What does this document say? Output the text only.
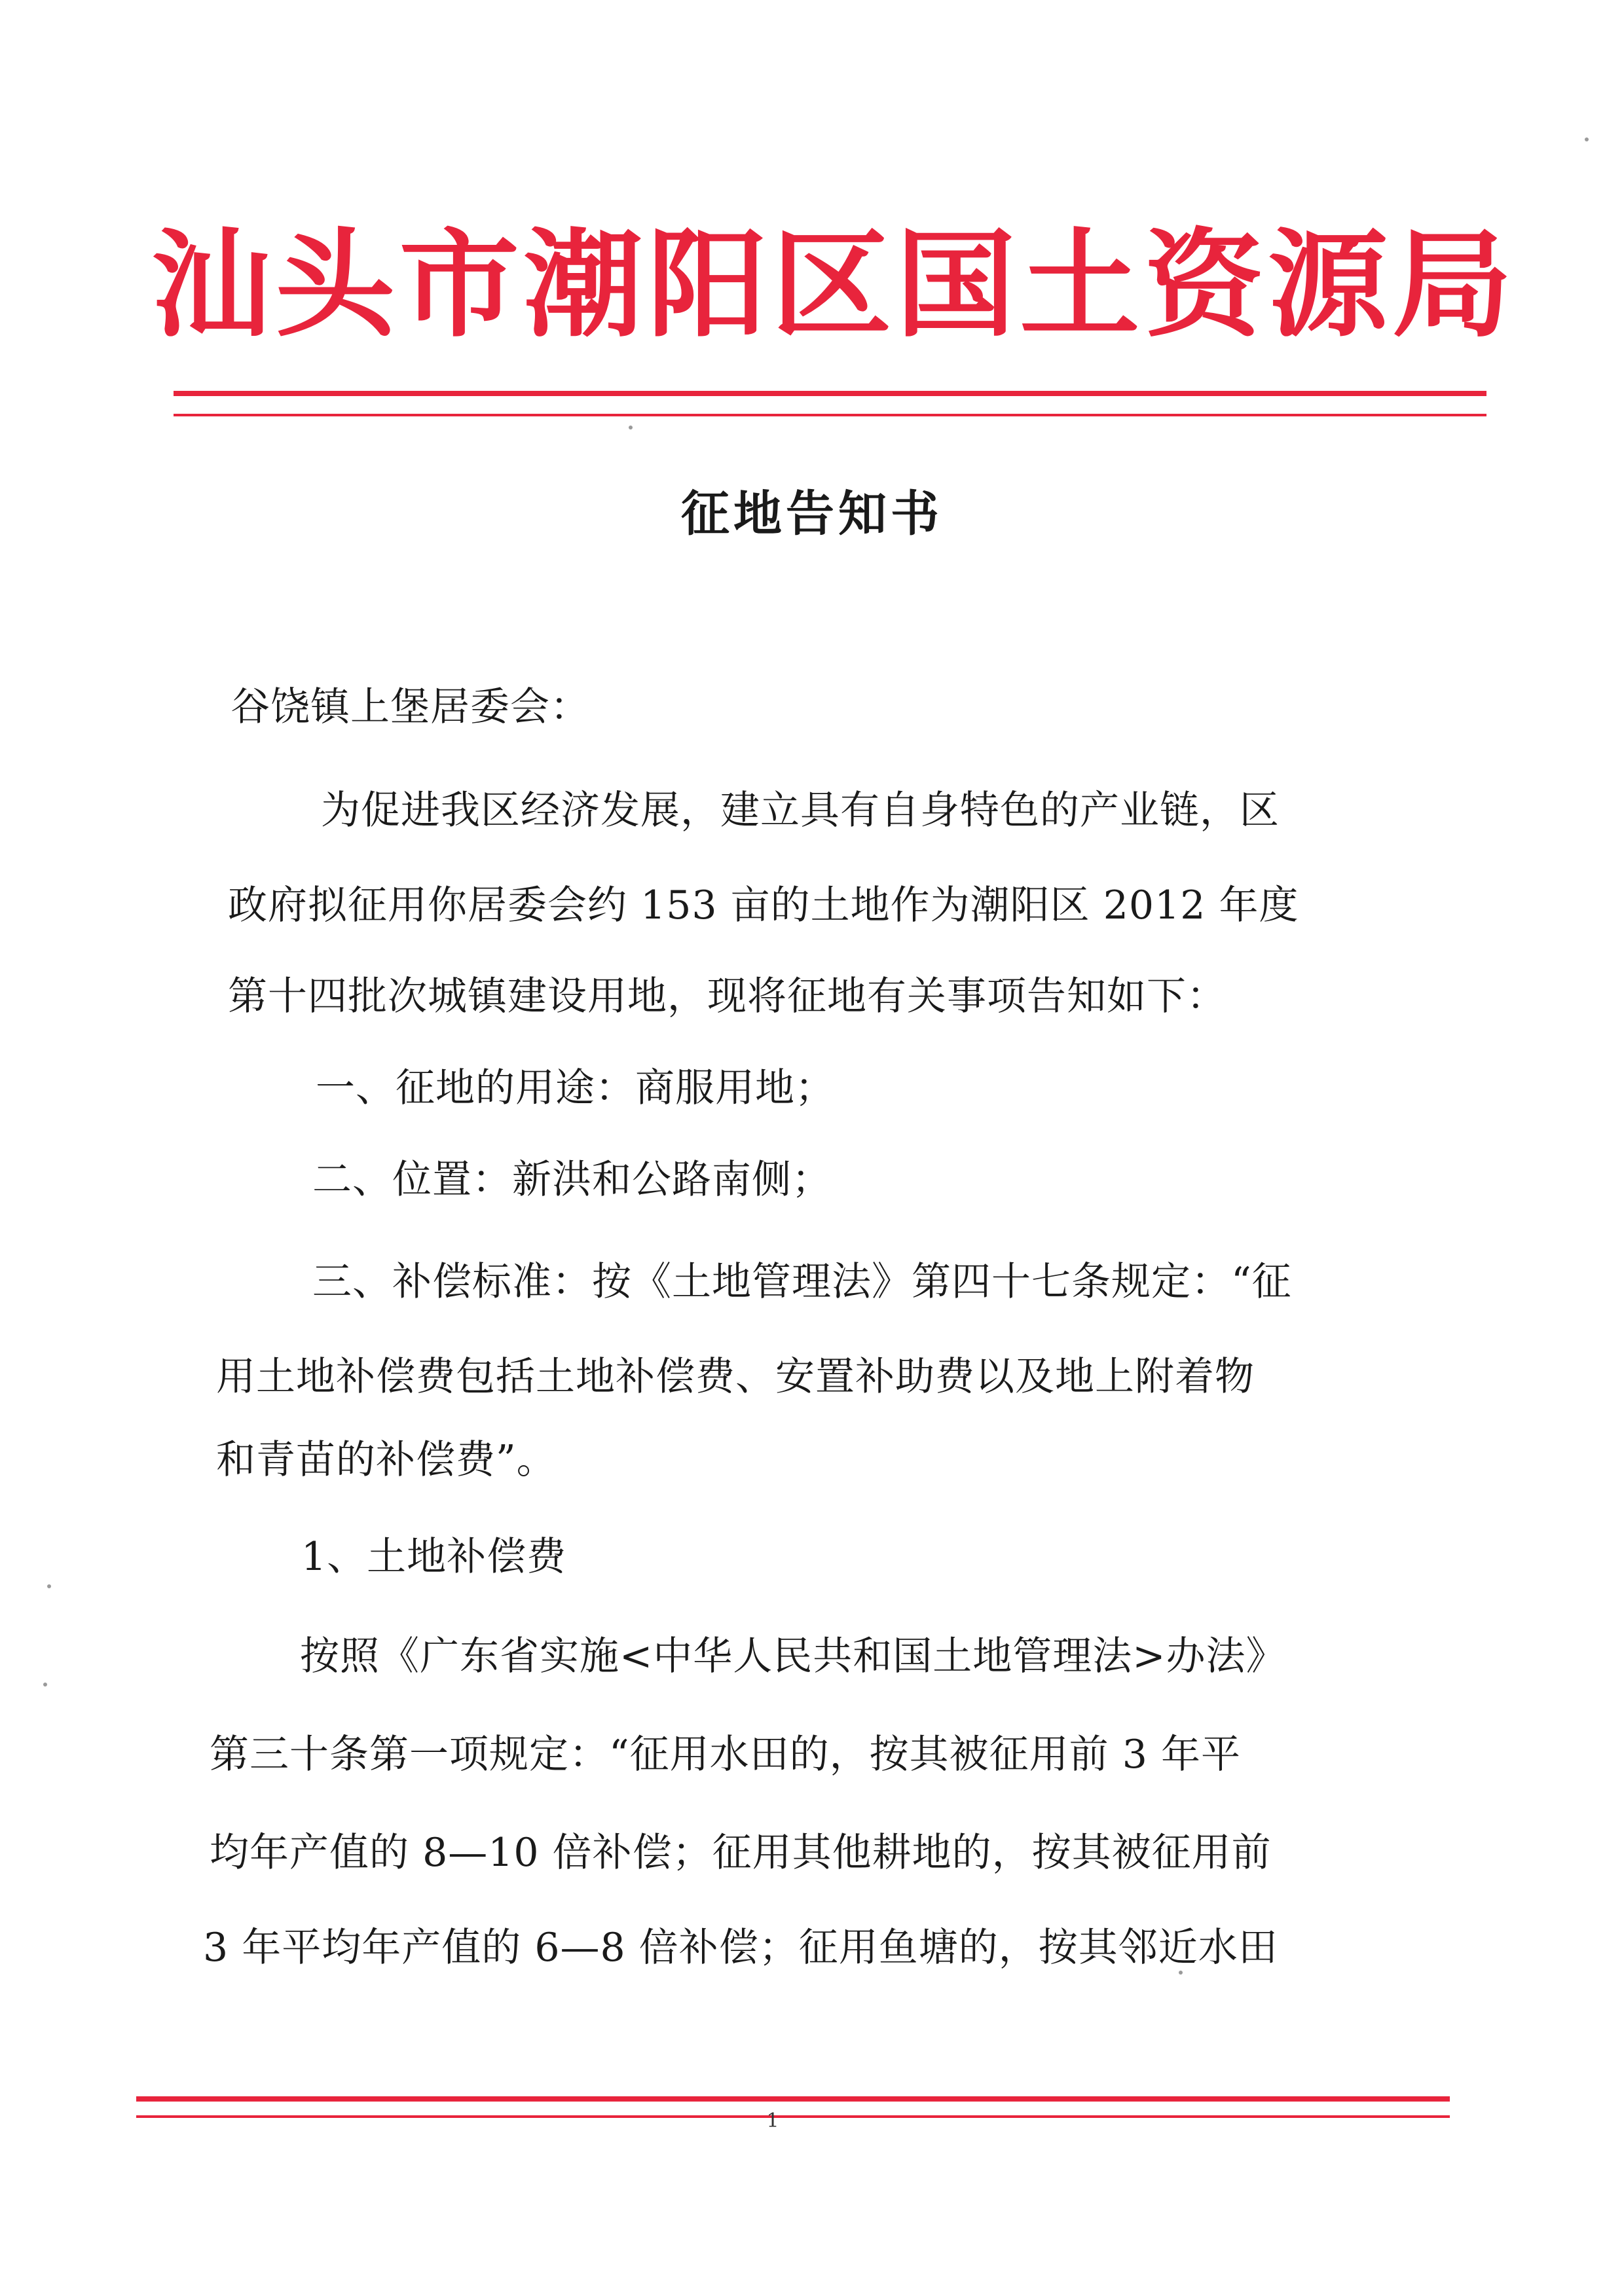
汕头市潮阳区国土资源局
征地告知书
谷饶镇上堡居委会：
为促进我区经济发展，建立具有自身特色的产业链，区
政府拟征用你居委会约 153 亩的土地作为潮阳区 2012 年度
第十四批次城镇建设用地，现将征地有关事项告知如下：
一、征地的用途：商服用地；
二、位置：新洪和公路南侧；
三、补偿标准：按《土地管理法》第四十七条规定：“征
用土地补偿费包括土地补偿费、安置补助费以及地上附着物
和青苗的补偿费”。
1、土地补偿费
按照《广东省实施<中华人民共和国土地管理法>办法》
第三十条第一项规定：“征用水田的，按其被征用前 3 年平
均年产值的 8—10 倍补偿；征用其他耕地的，按其被征用前
3 年平均年产值的 6—8 倍补偿；征用鱼塘的，按其邻近水田
1
